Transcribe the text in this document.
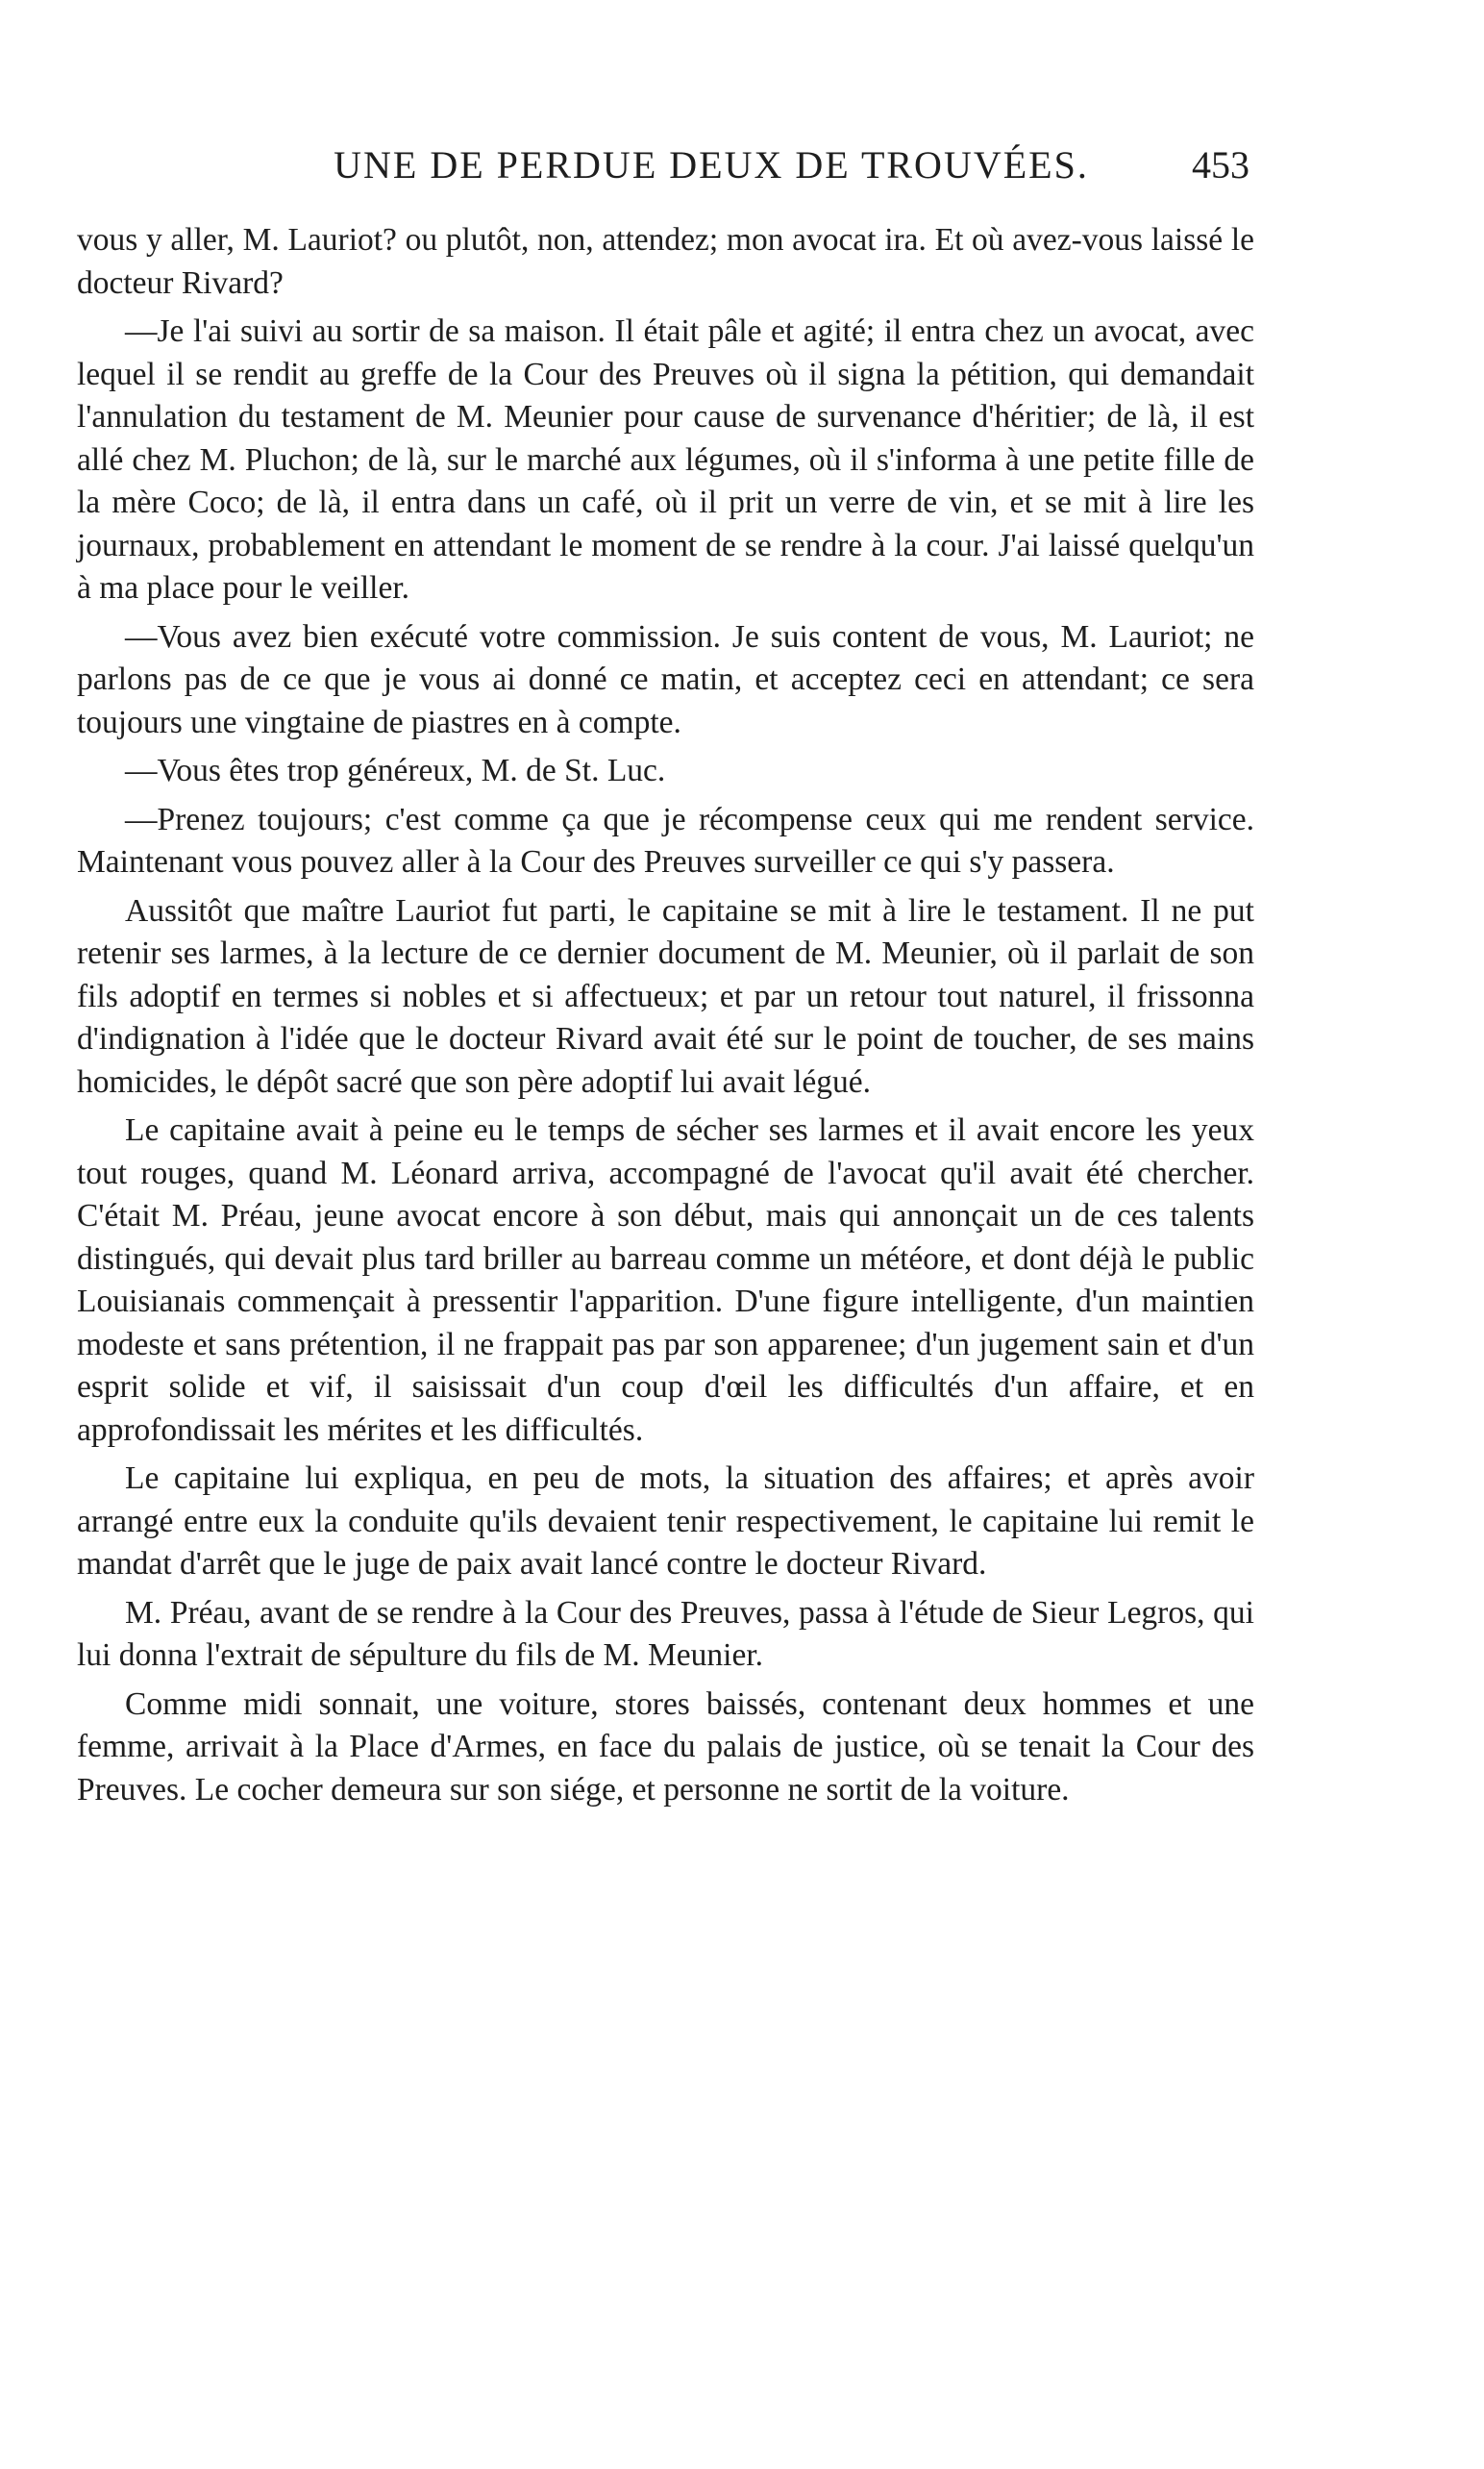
UNE DE PERDUE DEUX DE TROUVÉES.	453

vous y aller, M. Lauriot? ou plutôt, non, attendez; mon avocat ira. Et où avez-vous laissé le docteur Rivard?

—Je l'ai suivi au sortir de sa maison. Il était pâle et agité; il entra chez un avocat, avec lequel il se rendit au greffe de la Cour des Preuves où il signa la pétition, qui demandait l'annulation du testament de M. Meunier pour cause de survenance d'héritier; de là, il est allé chez M. Pluchon; de là, sur le marché aux légumes, où il s'informa à une petite fille de la mère Coco; de là, il entra dans un café, où il prit un verre de vin, et se mit à lire les journaux, probablement en attendant le moment de se rendre à la cour. J'ai laissé quelqu'un à ma place pour le veiller.

—Vous avez bien exécuté votre commission. Je suis content de vous, M. Lauriot; ne parlons pas de ce que je vous ai donné ce matin, et acceptez ceci en attendant; ce sera toujours une vingtaine de piastres en à compte.

—Vous êtes trop généreux, M. de St. Luc.

—Prenez toujours; c'est comme ça que je récompense ceux qui me rendent service. Maintenant vous pouvez aller à la Cour des Preuves surveiller ce qui s'y passera.

Aussitôt que maître Lauriot fut parti, le capitaine se mit à lire le testament. Il ne put retenir ses larmes, à la lecture de ce dernier document de M. Meunier, où il parlait de son fils adoptif en termes si nobles et si affectueux; et par un retour tout naturel, il frissonna d'indignation à l'idée que le docteur Rivard avait été sur le point de toucher, de ses mains homicides, le dépôt sacré que son père adoptif lui avait légué.

Le capitaine avait à peine eu le temps de sécher ses larmes et il avait encore les yeux tout rouges, quand M. Léonard arriva, accompagné de l'avocat qu'il avait été chercher. C'était M. Préau, jeune avocat encore à son début, mais qui annonçait un de ces talents distingués, qui devait plus tard briller au barreau comme un météore, et dont déjà le public Louisianais commençait à pressentir l'apparition. D'une figure intelligente, d'un maintien modeste et sans prétention, il ne frappait pas par son apparenee; d'un jugement sain et d'un esprit solide et vif, il saisissait d'un coup d'œil les difficultés d'un affaire, et en approfondissait les mérites et les difficultés.

Le capitaine lui expliqua, en peu de mots, la situation des affaires; et après avoir arrangé entre eux la conduite qu'ils devaient tenir respectivement, le capitaine lui remit le mandat d'arrêt que le juge de paix avait lancé contre le docteur Rivard.

M. Préau, avant de se rendre à la Cour des Preuves, passa à l'étude de Sieur Legros, qui lui donna l'extrait de sépulture du fils de M. Meunier.

Comme midi sonnait, une voiture, stores baissés, contenant deux hommes et une femme, arrivait à la Place d'Armes, en face du palais de justice, où se tenait la Cour des Preuves. Le cocher demeura sur son siége, et personne ne sortit de la voiture.
